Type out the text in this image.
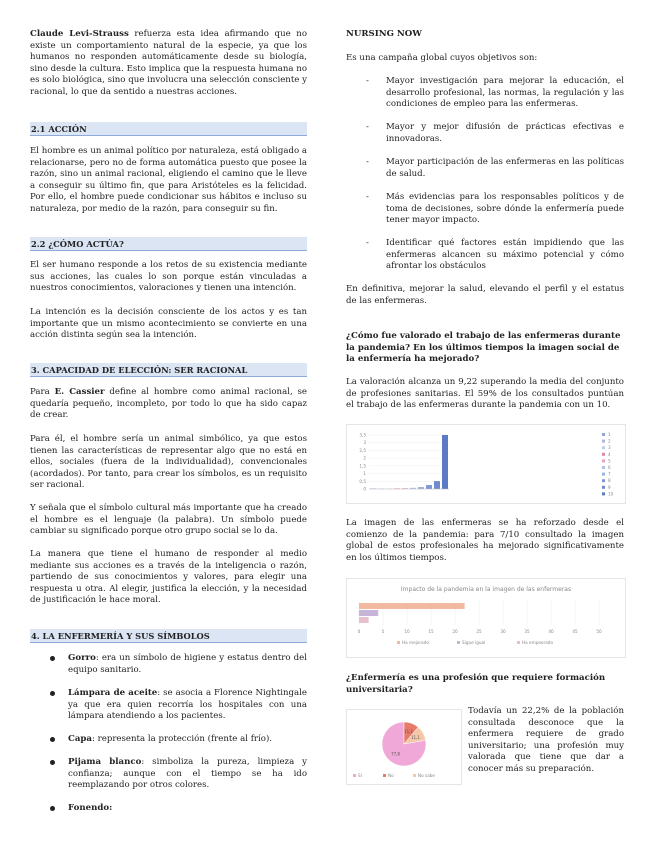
Claude Levi-Strauss refuerza esta idea afirmando que no existe un comportamiento natural de la especie, ya que los humanos no responden automáticamente desde su biología, sino desde la cultura. Esto implica que la respuesta humana no es solo biológica, sino que involucra una selección consciente y racional, lo que da sentido a nuestras acciones.

2.1 ACCIÓN

El hombre es un animal político por naturaleza, está obligado a relacionarse, pero no de forma automática puesto que posee la razón, sino un animal racional, eligiendo el camino que le lleve a conseguir su último fin, que para Aristóteles es la felicidad. Por ello, el hombre puede condicionar sus hábitos e incluso su naturaleza, por medio de la razón, para conseguir su fin.

2.2 ¿CÓMO ACTÚA?

El ser humano responde a los retos de su existencia mediante sus acciones, las cuales lo son porque están vinculadas a nuestros conocimientos, valoraciones y tienen una intención.

La intención es la decisión consciente de los actos y es tan importante que un mismo acontecimiento se convierte en una acción distinta según sea la intención.

3. CAPACIDAD DE ELECCIÓN: SER RACIONAL

Para E. Cassier define al hombre como animal racional, se quedaría pequeño, incompleto, por todo lo que ha sido capaz de crear.

Para él, el hombre sería un animal simbólico, ya que estos tienen las características de representar algo que no está en ellos, sociales (fuera de la individualidad), convencionales (acordados). Por tanto, para crear los símbolos, es un requisito ser racional.

Y señala que el símbolo cultural más importante que ha creado el hombre es el lenguaje (la palabra). Un símbolo puede cambiar su significado porque otro grupo social se lo da.

La manera que tiene el humano de responder al medio mediante sus acciones es a través de la inteligencia o razón, partiendo de sus conocimientos y valores, para elegir una respuesta u otra. Al elegir, justifica la elección, y la necesidad de justificación le hace moral.

4. LA ENFERMERÍA Y SUS SÍMBOLOS

Gorro: era un símbolo de higiene y estatus dentro del equipo sanitario.

Lámpara de aceite: se asocia a Florence Nightingale ya que era quien recorría los hospitales con una lámpara atendiendo a los pacientes.

Capa: representa la protección (frente al frío).

Pijama blanco: simboliza la pureza, limpieza y confianza; aunque con el tiempo se ha ido reemplazando por otros colores.

Fonendo:

NURSING NOW

Es una campaña global cuyos objetivos son:

- Mayor investigación para mejorar la educación, el desarrollo profesional, las normas, la regulación y las condiciones de empleo para las enfermeras.

- Mayor y mejor difusión de prácticas efectivas e innovadoras.

- Mayor participación de las enfermeras en las políticas de salud.

- Más evidencias para los responsables políticos y de toma de decisiones, sobre dónde la enfermería puede tener mayor impacto.

- Identificar qué factores están impidiendo que las enfermeras alcancen su máximo potencial y cómo afrontar los obstáculos

En definitiva, mejorar la salud, elevando el perfil y el estatus de las enfermeras.

¿Cómo fue valorado el trabajo de las enfermeras durante la pandemia? En los últimos tiempos la imagen social de la enfermería ha mejorado?

La valoración alcanza un 9,22 superando la media del conjunto de profesiones sanitarias. El 59% de los consultados puntúan el trabajo de las enfermeras durante la pandemia con un 10.

3,5
3
2,5
2
1,5
1
0,5
0
1
2
3
4
5
6
7
8
9
10

La imagen de las enfermeras se ha reforzado desde el comienzo de la pandemia: para 7/10 consultado la imagen global de estos profesionales ha mejorado significativamente en los últimos tiempos.

Impacto de la pandemia en la imagen de las enfermeras
0	5	10	15	20	25	30	35	40	45	50
Ha mejorado	Sigue igual	Ha empeorado
¿Enfermería es una profesión que requiere formación universitaria?
77,8
11,1
11,1
Sí	No	No sabe

Todavía un 22,2% de la población consultada desconoce que la enfermera requiere de grado universitario; una profesión muy valorada que tiene que dar a conocer más su preparación.
